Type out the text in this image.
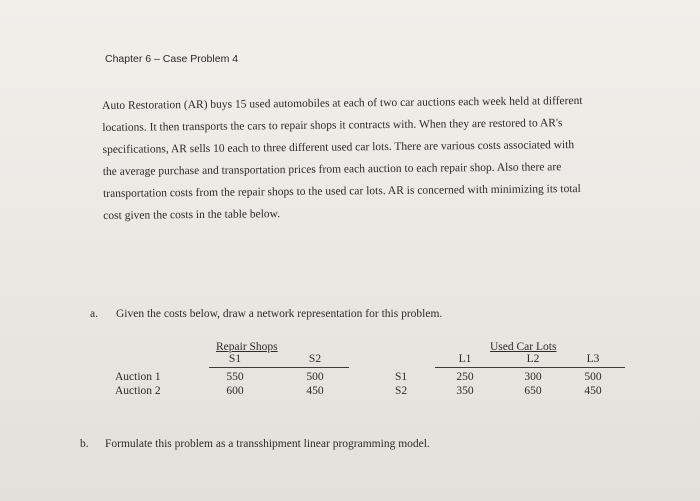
Chapter 6 – Case Problem 4
Auto Restoration (AR) buys 15 used automobiles at each of two car auctions each week held at different
locations. It then transports the cars to repair shops it contracts with. When they are restored to AR's
specifications, AR sells 10 each to three different used car lots. There are various costs associated with
the average purchase and transportation prices from each auction to each repair shop. Also there are
transportation costs from the repair shops to the used car lots. AR is concerned with minimizing its total
cost given the costs in the table below.
a.	Given the costs below, draw a network representation for this problem.
Repair Shops
S1	S2
Auction 1	550	500
Auction 2	600	450
Used Car Lots
L1	L2	L3
S1	250	300	500
S2	350	650	450
b. Formulate this problem as a transshipment linear programming model.
